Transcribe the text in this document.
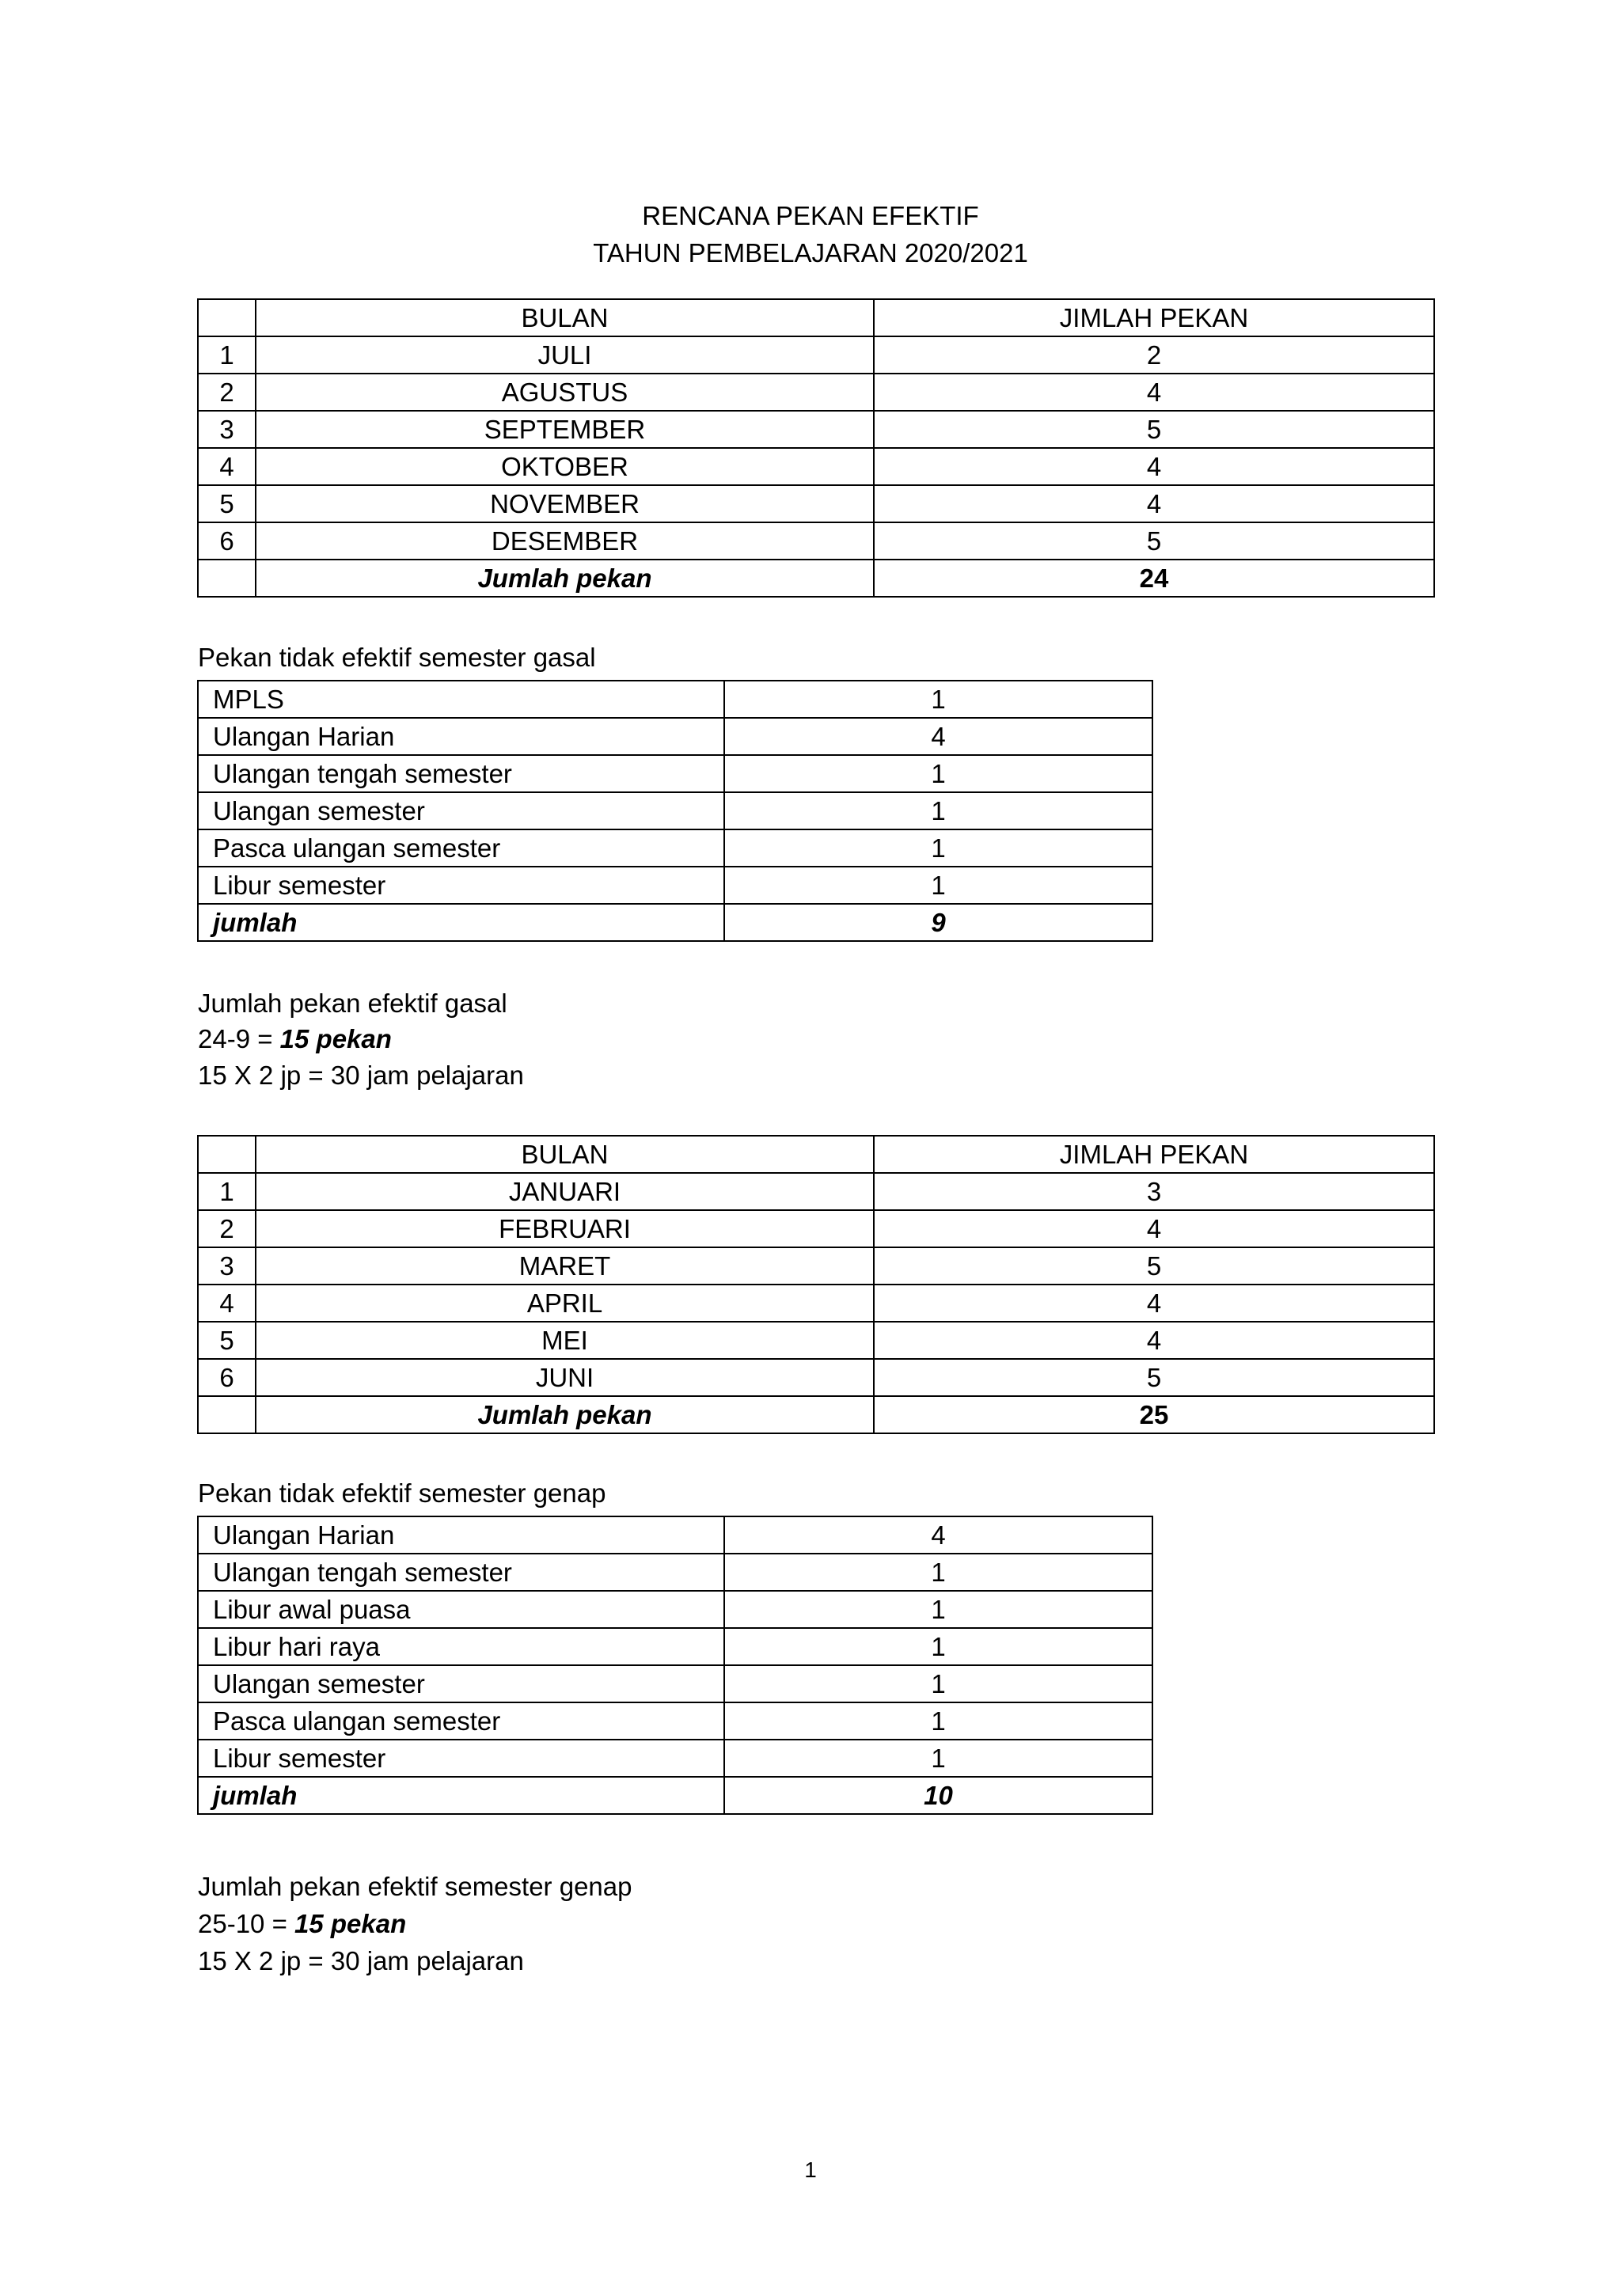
RENCANA PEKAN EFEKTIF
TAHUN PEMBELAJARAN 2020/2021
	BULAN	JIMLAH PEKAN
1	JULI	2
2	AGUSTUS	4
3	SEPTEMBER	5
4	OKTOBER	4
5	NOVEMBER	4
6	DESEMBER	5
	Jumlah pekan	24
Pekan tidak efektif semester gasal
MPLS	1
Ulangan Harian	4
Ulangan tengah semester	1
Ulangan semester	1
Pasca ulangan semester	1
Libur semester	1
jumlah	9
Jumlah pekan efektif gasal
24-9 = 15 pekan
15 X 2 jp = 30 jam pelajaran
	BULAN	JIMLAH PEKAN
1	JANUARI	3
2	FEBRUARI	4
3	MARET	5
4	APRIL	4
5	MEI	4
6	JUNI	5
	Jumlah pekan	25
Pekan tidak efektif semester genap
Ulangan Harian	4
Ulangan tengah semester	1
Libur awal puasa	1
Libur hari raya	1
Ulangan semester	1
Pasca ulangan semester	1
Libur semester	1
jumlah	10
Jumlah pekan efektif semester genap
25-10 = 15 pekan
15 X 2 jp = 30 jam pelajaran
1
